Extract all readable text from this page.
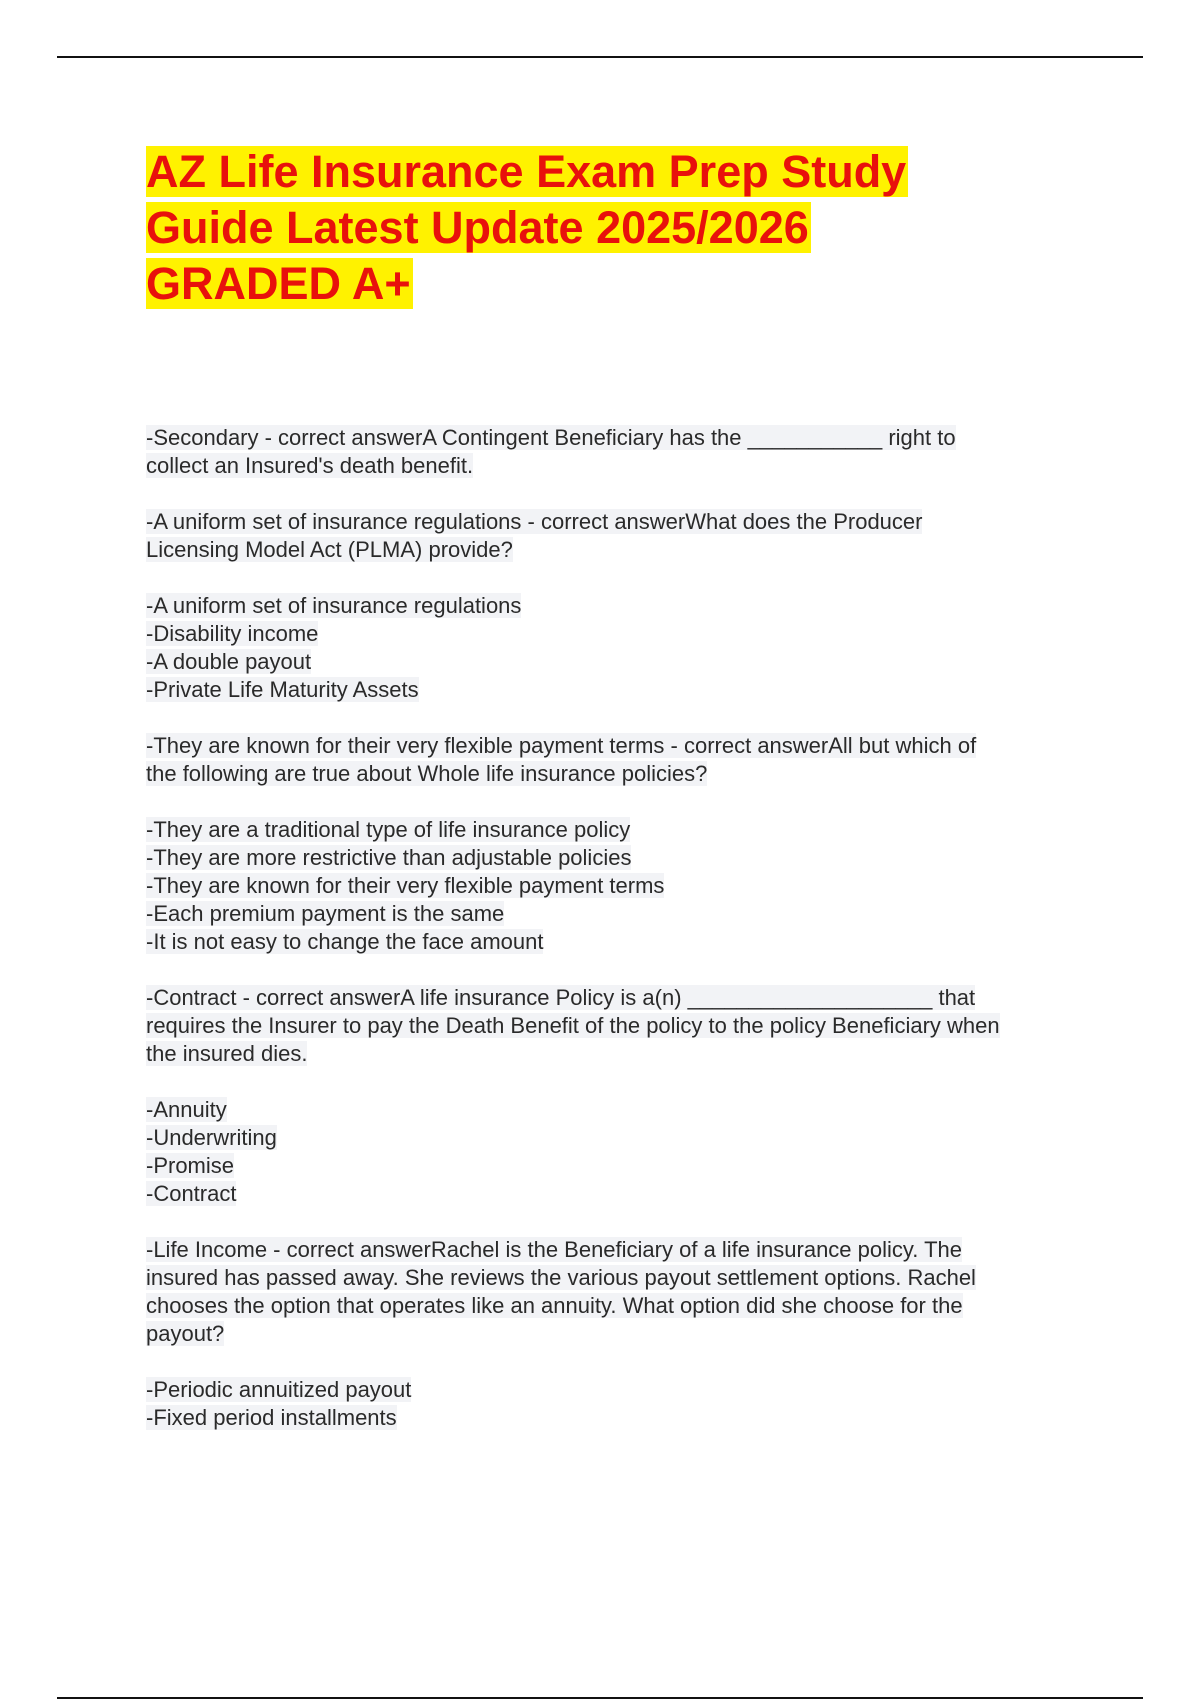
AZ Life Insurance Exam Prep Study
Guide Latest Update 2025/2026
GRADED A+

-Secondary - correct answerA Contingent Beneficiary has the ___________ right to
collect an Insured's death benefit.

-A uniform set of insurance regulations - correct answerWhat does the Producer
Licensing Model Act (PLMA) provide?

-A uniform set of insurance regulations
-Disability income
-A double payout
-Private Life Maturity Assets

-They are known for their very flexible payment terms - correct answerAll but which of
the following are true about Whole life insurance policies?

-They are a traditional type of life insurance policy
-They are more restrictive than adjustable policies
-They are known for their very flexible payment terms
-Each premium payment is the same
-It is not easy to change the face amount

-Contract - correct answerA life insurance Policy is a(n) ____________________ that
requires the Insurer to pay the Death Benefit of the policy to the policy Beneficiary when
the insured dies.

-Annuity
-Underwriting
-Promise
-Contract

-Life Income - correct answerRachel is the Beneficiary of a life insurance policy. The
insured has passed away. She reviews the various payout settlement options. Rachel
chooses the option that operates like an annuity. What option did she choose for the
payout?

-Periodic annuitized payout
-Fixed period installments
